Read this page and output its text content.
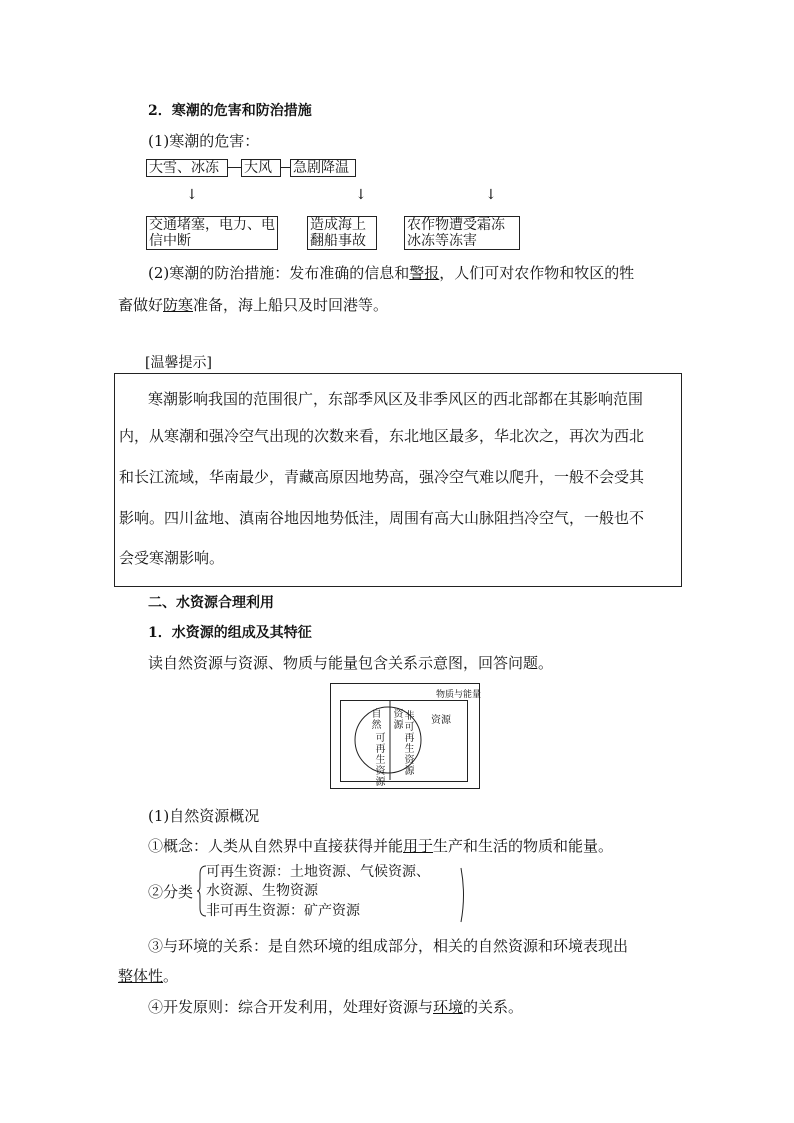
2．寒潮的危害和防治措施
(1)寒潮的危害：
大雪、冰冻	大风	急剧降温
↓	↓	↓
交通堵塞，电力、电信中断
造成海上翻船事故
农作物遭受霜冻冰冻等冻害
(2)寒潮的防治措施：发布准确的信息和警报，人们可对农作物和牧区的牲
畜做好防寒准备，海上船只及时回港等。
[温馨提示]
寒潮影响我国的范围很广，东部季风区及非季风区的西北部都在其影响范围
内，从寒潮和强冷空气出现的次数来看，东北地区最多，华北次之，再次为西北
和长江流域，华南最少，青藏高原因地势高，强冷空气难以爬升，一般不会受其
影响。四川盆地、滇南谷地因地势低洼，周围有高大山脉阻挡冷空气，一般也不
会受寒潮影响。
二、水资源合理利用
1．水资源的组成及其特征
读自然资源与资源、物质与能量包含关系示意图，回答问题。
物质与能量
资源
自然
可再生资源
资源
非可再生资源
(1)自然资源概况
①概念：人类从自然界中直接获得并能用于生产和生活的物质和能量。
②分类
可再生资源：土地资源、气候资源、
水资源、生物资源
非可再生资源：矿产资源
③与环境的关系：是自然环境的组成部分，相关的自然资源和环境表现出
整体性。
④开发原则：综合开发利用，处理好资源与环境的关系。
